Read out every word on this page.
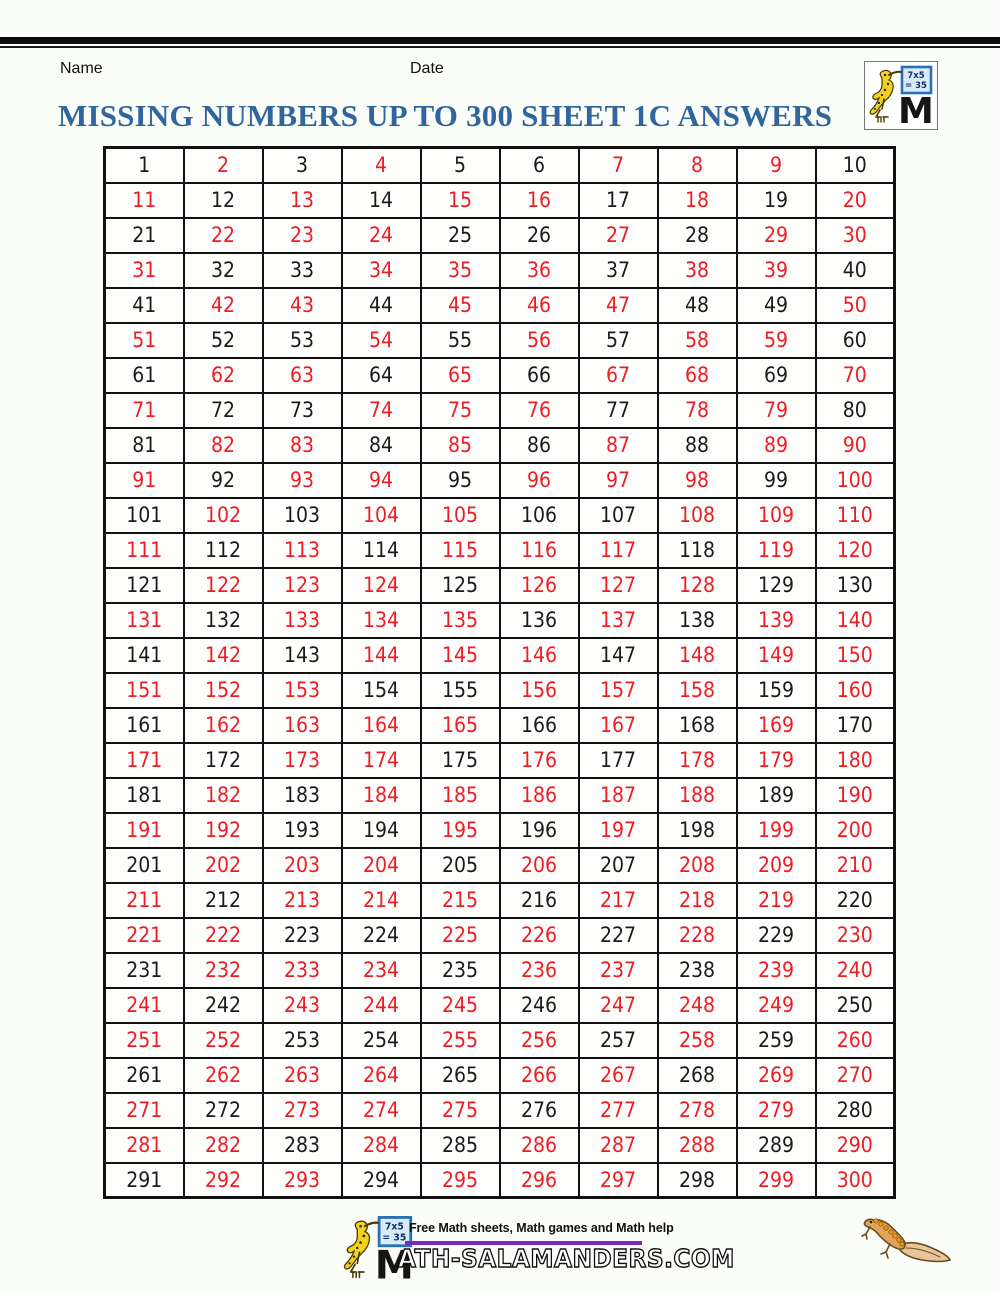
Name	Date
MISSING NUMBERS UP TO 300 SHEET 1C ANSWERS
1	2	3	4	5	6	7	8	9	10
11	12	13	14	15	16	17	18	19	20
21	22	23	24	25	26	27	28	29	30
31	32	33	34	35	36	37	38	39	40
41	42	43	44	45	46	47	48	49	50
51	52	53	54	55	56	57	58	59	60
61	62	63	64	65	66	67	68	69	70
71	72	73	74	75	76	77	78	79	80
81	82	83	84	85	86	87	88	89	90
91	92	93	94	95	96	97	98	99	100
101	102	103	104	105	106	107	108	109	110
111	112	113	114	115	116	117	118	119	120
121	122	123	124	125	126	127	128	129	130
131	132	133	134	135	136	137	138	139	140
141	142	143	144	145	146	147	148	149	150
151	152	153	154	155	156	157	158	159	160
161	162	163	164	165	166	167	168	169	170
171	172	173	174	175	176	177	178	179	180
181	182	183	184	185	186	187	188	189	190
191	192	193	194	195	196	197	198	199	200
201	202	203	204	205	206	207	208	209	210
211	212	213	214	215	216	217	218	219	220
221	222	223	224	225	226	227	228	229	230
231	232	233	234	235	236	237	238	239	240
241	242	243	244	245	246	247	248	249	250
251	252	253	254	255	256	257	258	259	260
261	262	263	264	265	266	267	268	269	270
271	272	273	274	275	276	277	278	279	280
281	282	283	284	285	286	287	288	289	290
291	292	293	294	295	296	297	298	299	300
Free Math sheets, Math games and Math help
ATH-SALAMANDERS.COM
